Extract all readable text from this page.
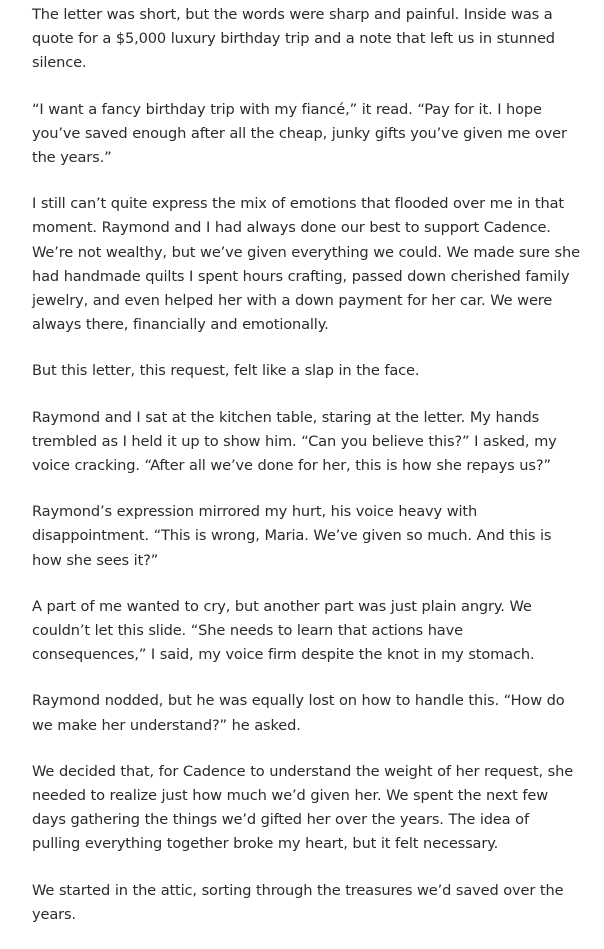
The letter was short, but the words were sharp and painful. Inside was a quote for a $5,000 luxury birthday trip and a note that left us in stunned silence.

“I want a fancy birthday trip with my fiancé,” it read. “Pay for it. I hope you’ve saved enough after all the cheap, junky gifts you’ve given me over the years.”

I still can’t quite express the mix of emotions that flooded over me in that moment. Raymond and I had always done our best to support Cadence. We’re not wealthy, but we’ve given everything we could. We made sure she had handmade quilts I spent hours crafting, passed down cherished family jewelry, and even helped her with a down payment for her car. We were always there, financially and emotionally.

But this letter, this request, felt like a slap in the face.

Raymond and I sat at the kitchen table, staring at the letter. My hands trembled as I held it up to show him. “Can you believe this?” I asked, my voice cracking. “After all we’ve done for her, this is how she repays us?”

Raymond’s expression mirrored my hurt, his voice heavy with disappointment. “This is wrong, Maria. We’ve given so much. And this is how she sees it?”

A part of me wanted to cry, but another part was just plain angry. We couldn’t let this slide. “She needs to learn that actions have consequences,” I said, my voice firm despite the knot in my stomach.

Raymond nodded, but he was equally lost on how to handle this. “How do we make her understand?” he asked.

We decided that, for Cadence to understand the weight of her request, she needed to realize just how much we’d given her. We spent the next few days gathering the things we’d gifted her over the years. The idea of pulling everything together broke my heart, but it felt necessary.

We started in the attic, sorting through the treasures we’d saved over the years.
